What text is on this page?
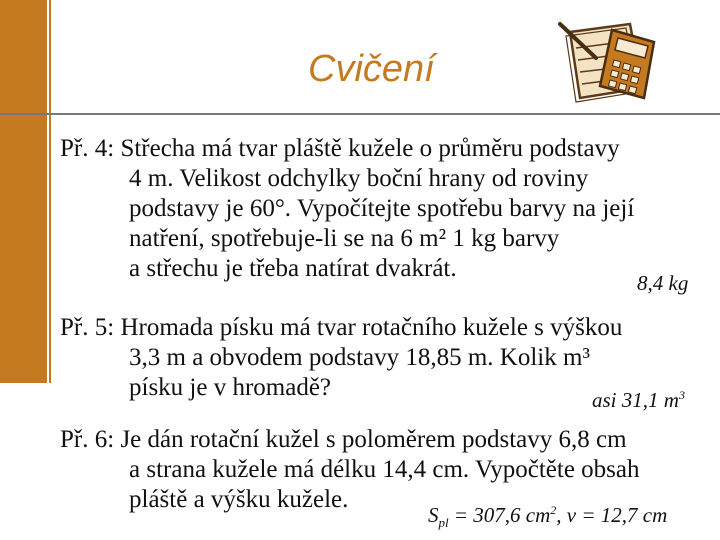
Cvičení
Př. 4: Střecha má tvar pláště kužele o průměru podstavy
4 m. Velikost odchylky boční hrany od roviny
podstavy je 60°. Vypočítejte spotřebu barvy na její
natření, spotřebuje-li se na 6 m² 1 kg barvy
a střechu je třeba natírat dvakrát.
8,4 kg
Př. 5: Hromada písku má tvar rotačního kužele s výškou
3,3 m a obvodem podstavy 18,85 m. Kolik m³
písku je v hromadě?	asi 31,1 $m^3$
Př. 6: Je dán rotační kužel s poloměrem podstavy 6,8 cm
a strana kužele má délku 14,4 cm. Vypočtěte obsah
pláště a výšku kužele.
$S_{pl} = 307,6$ $cm^2$, v = 12,7 cm
